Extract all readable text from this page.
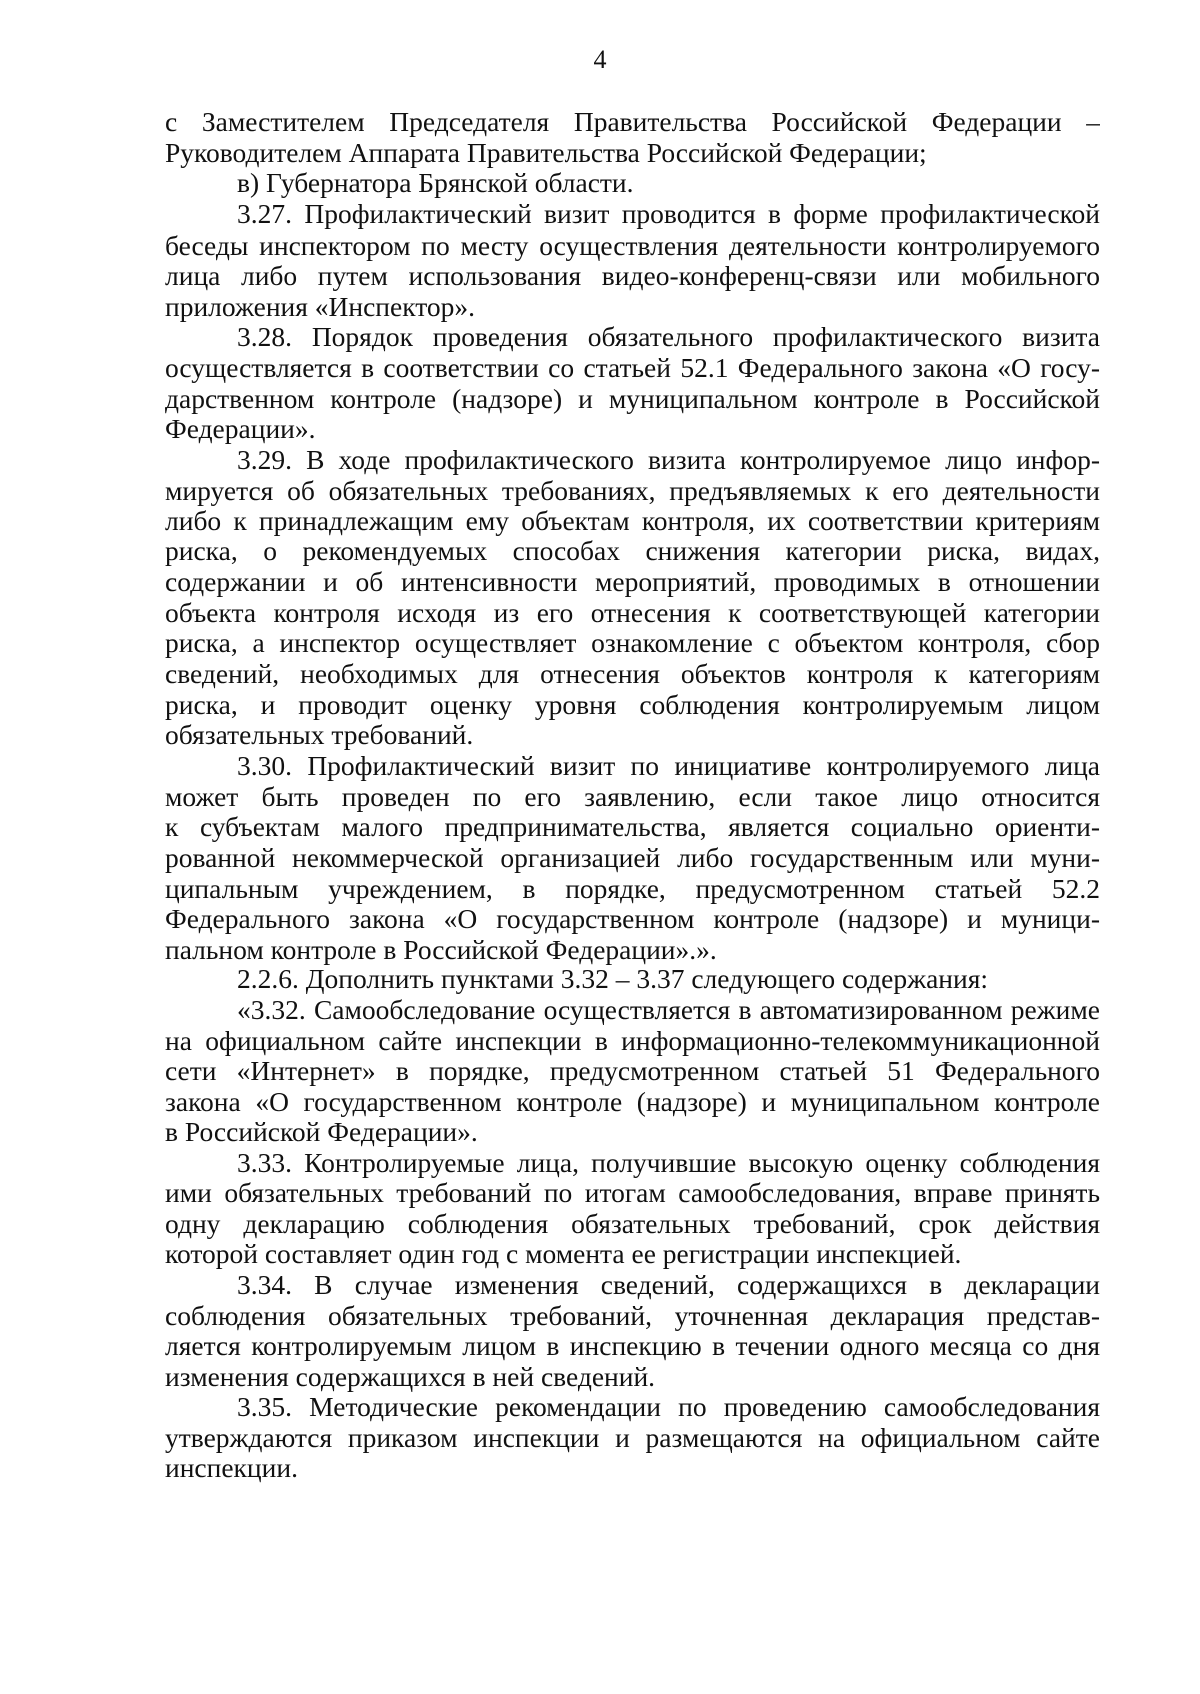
4
с Заместителем Председателя Правительства Российской Федерации –
Руководителем Аппарата Правительства Российской Федерации;
в) Губернатора Брянской области.
3.27. Профилактический визит проводится в форме профилактической
беседы инспектором по месту осуществления деятельности контролируемого
лица либо путем использования видео-конференц-связи или мобильного
приложения «Инспектор».
3.28. Порядок проведения обязательного профилактического визита
осуществляется в соответствии со статьей 52.1 Федерального закона «О госу-
дарственном контроле (надзоре) и муниципальном контроле в Российской
Федерации».
3.29. В ходе профилактического визита контролируемое лицо инфор-
мируется об обязательных требованиях, предъявляемых к его деятельности
либо к принадлежащим ему объектам контроля, их соответствии критериям
риска, о рекомендуемых способах снижения категории риска, видах,
содержании и об интенсивности мероприятий, проводимых в отношении
объекта контроля исходя из его отнесения к соответствующей категории
риска, а инспектор осуществляет ознакомление с объектом контроля, сбор
сведений, необходимых для отнесения объектов контроля к категориям
риска, и проводит оценку уровня соблюдения контролируемым лицом
обязательных требований.
3.30. Профилактический визит по инициативе контролируемого лица
может быть проведен по его заявлению, если такое лицо относится
к субъектам малого предпринимательства, является социально ориенти-
рованной некоммерческой организацией либо государственным или муни-
ципальным учреждением, в порядке, предусмотренном статьей 52.2
Федерального закона «О государственном контроле (надзоре) и муници-
пальном контроле в Российской Федерации».».
2.2.6. Дополнить пунктами 3.32 – 3.37 следующего содержания:
«3.32. Самообследование осуществляется в автоматизированном режиме
на официальном сайте инспекции в информационно-телекоммуникационной
сети «Интернет» в порядке, предусмотренном статьей 51 Федерального
закона «О государственном контроле (надзоре) и муниципальном контроле
в Российской Федерации».
3.33. Контролируемые лица, получившие высокую оценку соблюдения
ими обязательных требований по итогам самообследования, вправе принять
одну декларацию соблюдения обязательных требований, срок действия
которой составляет один год с момента ее регистрации инспекцией.
3.34. В случае изменения сведений, содержащихся в декларации
соблюдения обязательных требований, уточненная декларация представ-
ляется контролируемым лицом в инспекцию в течении одного месяца со дня
изменения содержащихся в ней сведений.
3.35. Методические рекомендации по проведению самообследования
утверждаются приказом инспекции и размещаются на официальном сайте
инспекции.
